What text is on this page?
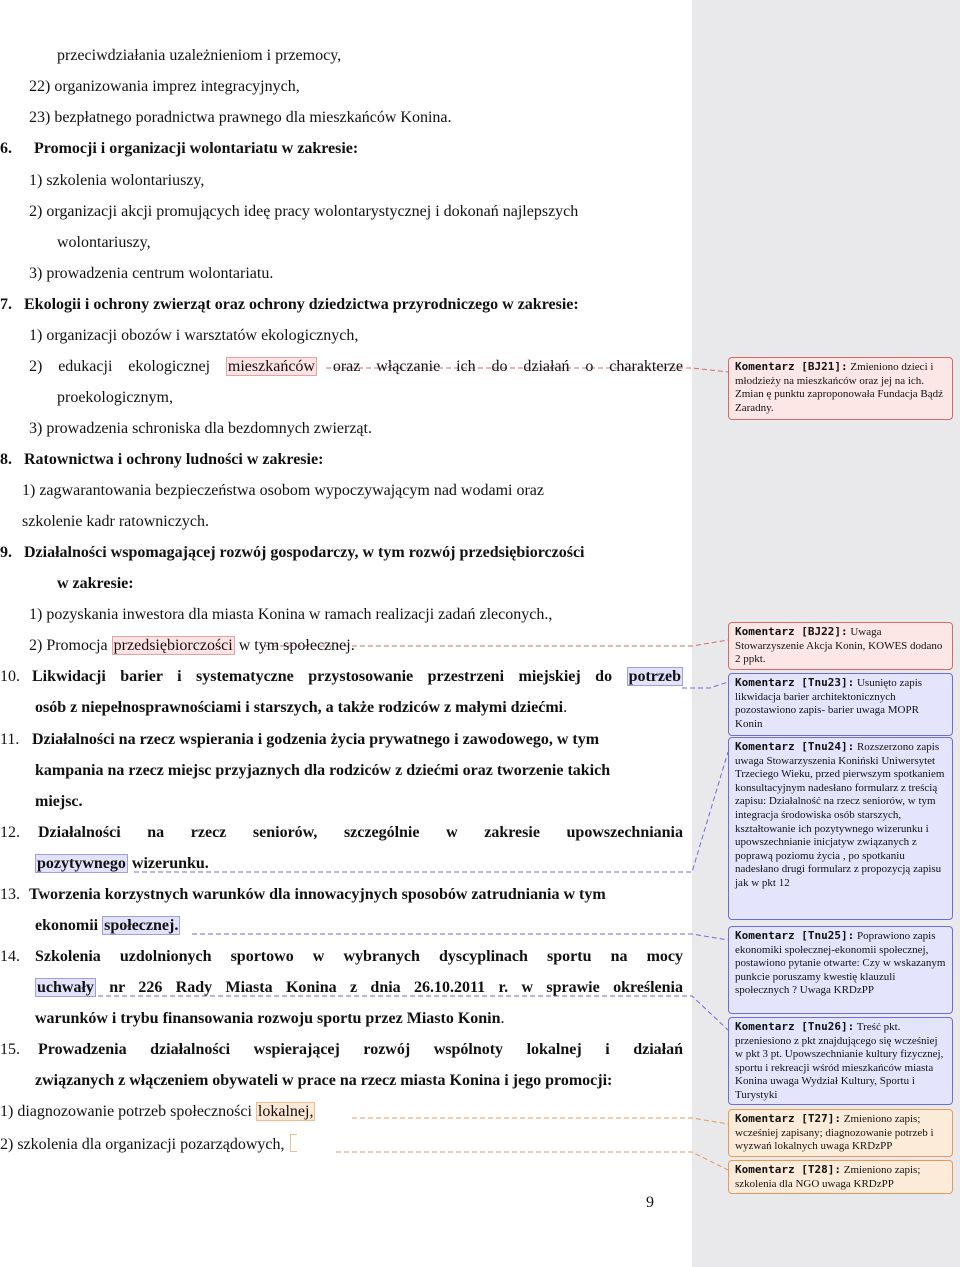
przeciwdziałania uzależnieniom i przemocy,
22) organizowania imprez integracyjnych,
23) bezpłatnego poradnictwa prawnego dla mieszkańców Konina.
6. Promocji i organizacji wolontariatu w zakresie:
1) szkolenia wolontariuszy,
2) organizacji akcji promujących ideę pracy wolontarystycznej i dokonań najlepszych
wolontariuszy,
3) prowadzenia centrum wolontariatu.
7. Ekologii i ochrony zwierząt oraz ochrony dziedzictwa przyrodniczego w zakresie:
1) organizacji obozów i warsztatów ekologicznych,
2) edukacji ekologicznej mieszkańców oraz włączanie ich do działań o charakterze
proekologicznym,
3) prowadzenia schroniska dla bezdomnych zwierząt.
8. Ratownictwa i ochrony ludności w zakresie:
1) zagwarantowania bezpieczeństwa osobom wypoczywającym nad wodami oraz
szkolenie kadr ratowniczych.
9. Działalności wspomagającej rozwój gospodarczy, w tym rozwój przedsiębiorczości
w zakresie:
1) pozyskania inwestora dla miasta Konina w ramach realizacji zadań zleconych.,
2) Promocja przedsiębiorczości w tym społecznej.
10. Likwidacji barier i systematyczne przystosowanie przestrzeni miejskiej do potrzeb
osób z niepełnosprawnościami i starszych, a także rodziców z małymi dziećmi.
11. Działalności na rzecz wspierania i godzenia życia prywatnego i zawodowego, w tym
kampania na rzecz miejsc przyjaznych dla rodziców z dziećmi oraz tworzenie takich
miejsc.
12. Działalności na rzecz seniorów, szczególnie w zakresie upowszechniania
pozytywnego wizerunku.
13. Tworzenia korzystnych warunków dla innowacyjnych sposobów zatrudniania w tym
ekonomii społecznej.
14. Szkolenia uzdolnionych sportowo w wybranych dyscyplinach sportu na mocy
uchwały nr 226 Rady Miasta Konina z dnia 26.10.2011 r. w sprawie określenia
warunków i trybu finansowania rozwoju sportu przez Miasto Konin.
15. Prowadzenia działalności wspierającej rozwój wspólnoty lokalnej i działań
związanych z włączeniem obywateli w prace na rzecz miasta Konina i jego promocji:
1) diagnozowanie potrzeb społeczności lokalnej,
2) szkolenia dla organizacji pozarządowych,
9
Komentarz [BJ21]: Zmieniono dzieci i młodzieży na mieszkańców oraz jej na ich. Zmian ę punktu zaproponowała Fundacja Bądź Zaradny.
Komentarz [BJ22]: Uwaga Stowarzyszenie Akcja Konin, KOWES dodano 2 ppkt.
Komentarz [Tnu23]: Usunięto zapis likwidacja barier architektonicznych pozostawiono zapis- barier uwaga MOPR Konin
Komentarz [Tnu24]: Rozszerzono zapis uwaga Stowarzyszenia Koniński Uniwersytet Trzeciego Wieku, przed pierwszym spotkaniem konsultacyjnym nadesłano formularz z treścią zapisu: Działalność na rzecz seniorów, w tym integracja środowiska osób starszych, kształtowanie ich pozytywnego wizerunku i upowszechnianie inicjatyw związanych z poprawą poziomu życia , po spotkaniu nadesłano drugi formularz z propozycją zapisu jak w pkt 12
Komentarz [Tnu25]: Poprawiono zapis ekonomiki społecznej-ekonomii społecznej, postawiono pytanie otwarte: Czy w wskazanym punkcie poruszamy kwestię klauzuli społecznych ? Uwaga KRDzPP
Komentarz [Tnu26]: Treść pkt. przeniesiono z pkt znajdującego się wcześniej w pkt 3 pt. Upowszechnianie kultury fizycznej, sportu i rekreacji wśród mieszkańców miasta Konina uwaga Wydział Kultury, Sportu i Turystyki
Komentarz [T27]: Zmieniono zapis; wcześniej zapisany; diagnozowanie potrzeb i wyzwań lokalnych uwaga KRDzPP
Komentarz [T28]: Zmieniono zapis; szkolenia dla NGO uwaga KRDzPP
